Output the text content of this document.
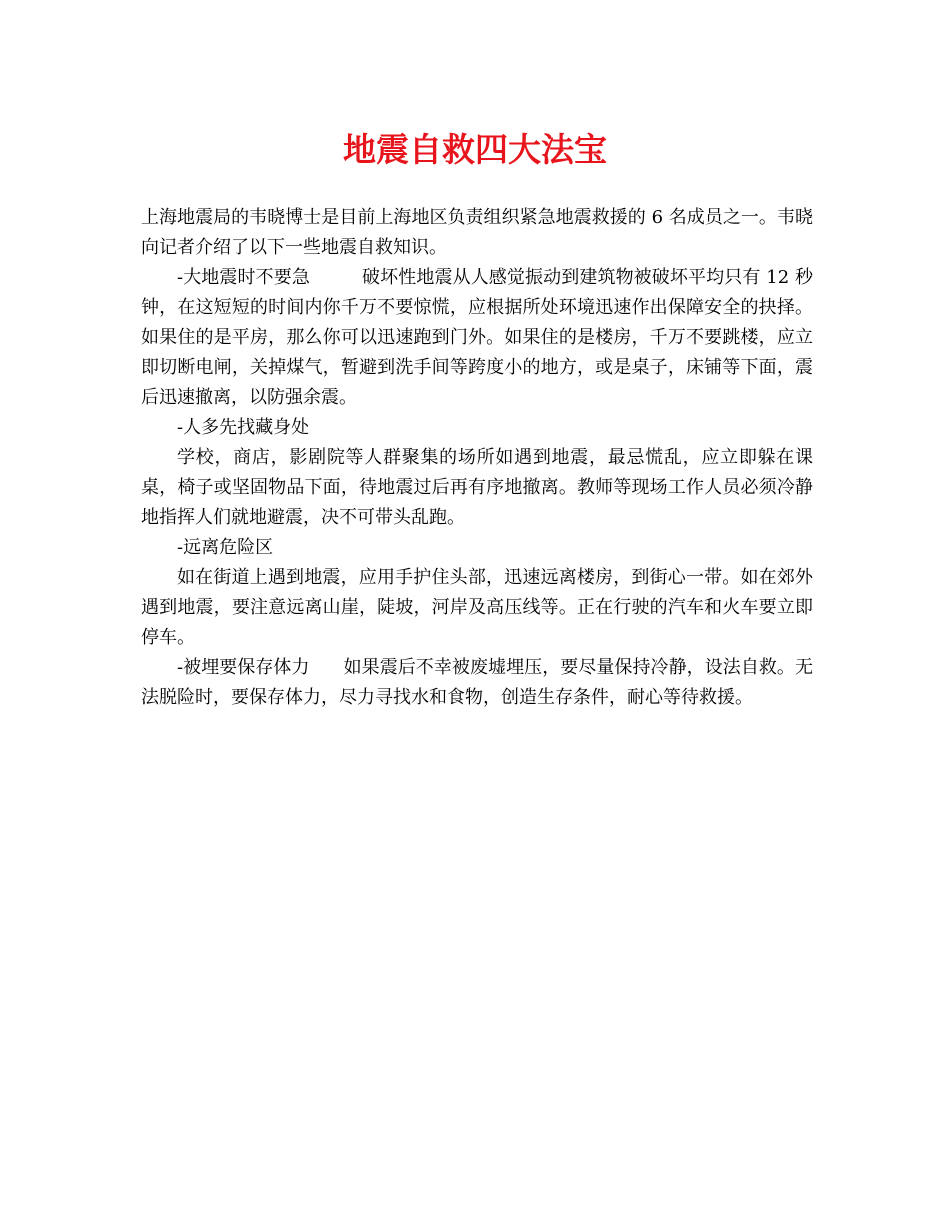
地震自救四大法宝

上海地震局的韦晓博士是目前上海地区负责组织紧急地震救援的 6 名成员之一。韦晓向记者介绍了以下一些地震自救知识。

-大地震时不要急	破坏性地震从人感觉振动到建筑物被破坏平均只有 12 秒钟，在这短短的时间内你千万不要惊慌，应根据所处环境迅速作出保障安全的抉择。如果住的是平房，那么你可以迅速跑到门外。如果住的是楼房，千万不要跳楼，应立即切断电闸，关掉煤气，暂避到洗手间等跨度小的地方，或是桌子，床铺等下面，震后迅速撤离，以防强余震。

-人多先找藏身处

学校，商店，影剧院等人群聚集的场所如遇到地震，最忌慌乱，应立即躲在课桌，椅子或坚固物品下面，待地震过后再有序地撤离。教师等现场工作人员必须冷静地指挥人们就地避震，决不可带头乱跑。

-远离危险区

如在街道上遇到地震，应用手护住头部，迅速远离楼房，到街心一带。如在郊外遇到地震，要注意远离山崖，陡坡，河岸及高压线等。正在行驶的汽车和火车要立即停车。

-被埋要保存体力 如果震后不幸被废墟埋压，要尽量保持冷静，设法自救。无法脱险时，要保存体力，尽力寻找水和食物，创造生存条件，耐心等待救援。
